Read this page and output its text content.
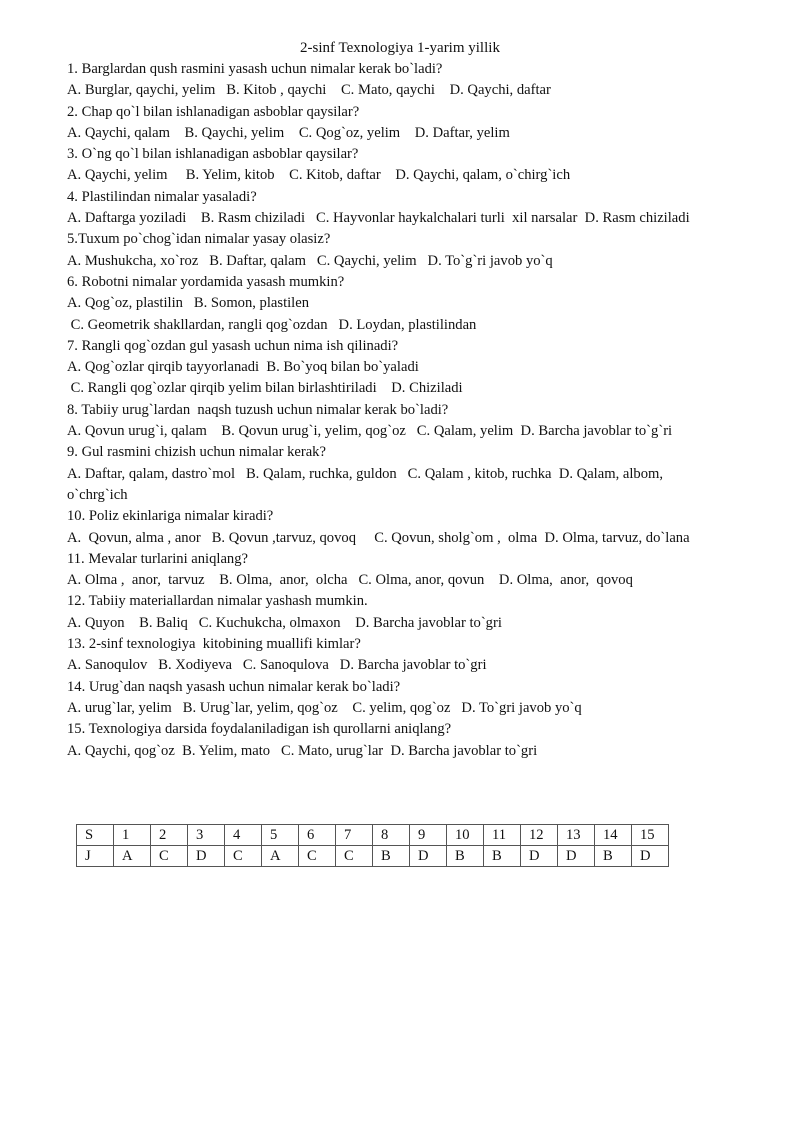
2-sinf Texnologiya 1-yarim yillik

1. Barglardan qush rasmini yasash uchun nimalar kerak bo`ladi?

A. Burglar, qaychi, yelim   B. Kitob , qaychi    C. Mato, qaychi    D. Qaychi, daftar

2. Chap qo`l bilan ishlanadigan asboblar qaysilar?

A. Qaychi, qalam    B. Qaychi, yelim    C. Qog`oz, yelim    D. Daftar, yelim

3. O`ng qo`l bilan ishlanadigan asboblar qaysilar?

A. Qaychi, yelim     B. Yelim, kitob    C. Kitob, daftar    D. Qaychi, qalam, o`chirg`ich

4. Plastilindan nimalar yasaladi?

A. Daftarga yoziladi    B. Rasm chiziladi   C. Hayvonlar haykalchalari turli  xil narsalar  D. Rasm chiziladi

5.Tuxum po`chog`idan nimalar yasay olasiz?

A. Mushukcha, xo`roz   B. Daftar, qalam   C. Qaychi, yelim   D. To`g`ri javob yo`q

6. Robotni nimalar yordamida yasash mumkin?

A. Qog`oz, plastilin   B. Somon, plastilen

C. Geometrik shakllardan, rangli qog`ozdan   D. Loydan, plastilindan

7. Rangli qog`ozdan gul yasash uchun nima ish qilinadi?

A. Qog`ozlar qirqib tayyorlanadi  B. Bo`yoq bilan bo`yaladi

C. Rangli qog`ozlar qirqib yelim bilan birlashtiriladi    D. Chiziladi

8. Tabiiy urug`lardan  naqsh tuzush uchun nimalar kerak bo`ladi?

A. Qovun urug`i, qalam    B. Qovun urug`i, yelim, qog`oz   C. Qalam, yelim  D. Barcha javoblar to`g`ri

9. Gul rasmini chizish uchun nimalar kerak?

A. Daftar, qalam, dastro`mol   B. Qalam, ruchka, guldon   C. Qalam , kitob, ruchka  D. Qalam, albom,

o`chrg`ich

10. Poliz ekinlariga nimalar kiradi?

A.  Qovun, alma , anor   B. Qovun ,tarvuz, qovoq     C. Qovun, sholg`om ,  olma  D. Olma, tarvuz, do`lana

11. Mevalar turlarini aniqlang?

A. Olma ,  anor,  tarvuz    B. Olma,  anor,  olcha   C. Olma, anor, qovun    D. Olma,  anor,  qovoq

12. Tabiiy materiallardan nimalar yashash mumkin.

A. Quyon    B. Baliq   C. Kuchukcha, olmaxon    D. Barcha javoblar to`gri

13. 2-sinf texnologiya  kitobining muallifi kimlar?

A. Sanoqulov   B. Xodiyeva   C. Sanoqulova   D. Barcha javoblar to`gri

14. Urug`dan naqsh yasash uchun nimalar kerak bo`ladi?

A. urug`lar, yelim   B. Urug`lar, yelim, qog`oz    C. yelim, qog`oz   D. To`gri javob yo`q

15. Texnologiya darsida foydalaniladigan ish qurollarni aniqlang?

A. Qaychi, qog`oz  B. Yelim, mato   C. Mato, urug`lar  D. Barcha javoblar to`gri

S	1	2	3	4	5	6	7	8	9	10	11	12	13	14	15
J	A	C	D	C	A	C	C	B	D	B	B	D	D	B	D
